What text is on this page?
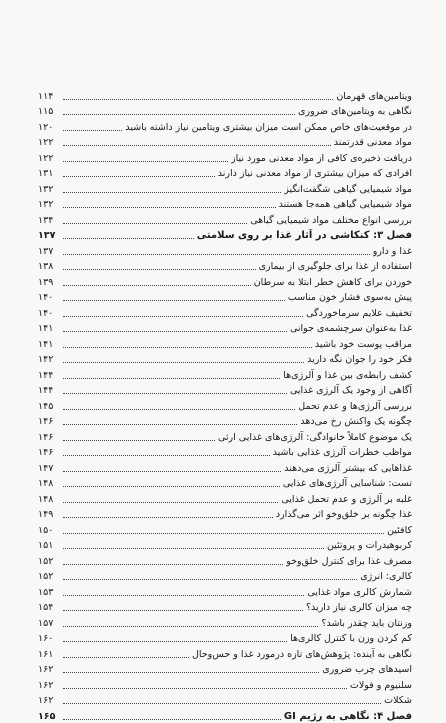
۱۱۴	ویتامین‌های قهرمان
۱۱۵	نگاهی به ویتامین‌های ضروری
۱۲۰	در موقعیت‌های خاص ممکن است میزان بیشتری ویتامین نیاز داشته باشید
۱۲۲	مواد معدنی قدرتمند
۱۲۲	دریافت ذخیره‌ی کافی از مواد معدنی مورد نیاز
۱۳۱	افرادی که میزان بیشتری از مواد معدنی نیاز دارند
۱۳۲	مواد شیمیایی گیاهی شگفت‌انگیز
۱۳۲	مواد شیمیایی گیاهی همه‌جا هستند
۱۳۴	بررسی انواع مختلف مواد شیمیایی گیاهی
۱۳۷	فصل ۳: کنکاشی در آثار غذا بر روی سلامتی
۱۳۷	غذا و دارو
۱۳۸	استفاده از غذا برای جلوگیری از بیماری
۱۳۹	خوردن برای کاهش خطر ابتلا به سرطان
۱۴۰	پیش به‌سوی فشار خون مناسب
۱۴۰	تخفیف علایم سرماخوردگی
۱۴۱	غذا به‌عنوان سرچشمه‌ی جوانی
۱۴۱	مراقب پوست خود باشید
۱۴۲	فکر خود را جوان نگه دارید
۱۴۴	کشف رابطه‌ی بین غذا و آلرژی‌ها
۱۴۴	آگاهی از وجود یک آلرژی غذایی
۱۴۵	بررسی آلرژی‌ها و عدم تحمل
۱۴۶	چگونه یک واکنش رخ می‌دهد
۱۴۶	یک موضوع کاملاً خانوادگی: آلرژی‌های غذایی ارثی
۱۴۶	مواظب خطرات آلرژی غذایی باشید
۱۴۷	غذاهایی که بیشتر آلرژی می‌دهند
۱۴۸	تست: شناسایی آلرژی‌های غذایی
۱۴۸	غلبه بر آلرژی و عدم تحمل غذایی
۱۴۹	غذا چگونه بر خلق‌وخو اثر می‌گذارد
۱۵۰	کافئین
۱۵۱	کربوهیدرات و پروتئین
۱۵۲	مصرف غذا برای کنترل خلق‌وخو
۱۵۲	کالری: انرژی
۱۵۳	شمارش کالری مواد غذایی
۱۵۴	چه میزان کالری نیاز دارید؟
۱۵۷	وزنتان باید چقدر باشد؟
۱۶۰	کم کردن وزن با کنترل کالری‌ها
۱۶۱	نگاهی به آینده: پژوهش‌های تازه درمورد غذا و حس‌وحال
۱۶۲	اسیدهای چرب ضروری
۱۶۲	سلنیوم و فولات
۱۶۲	شکلات
۱۶۵	فصل ۴: نگاهی به رژیم GI
